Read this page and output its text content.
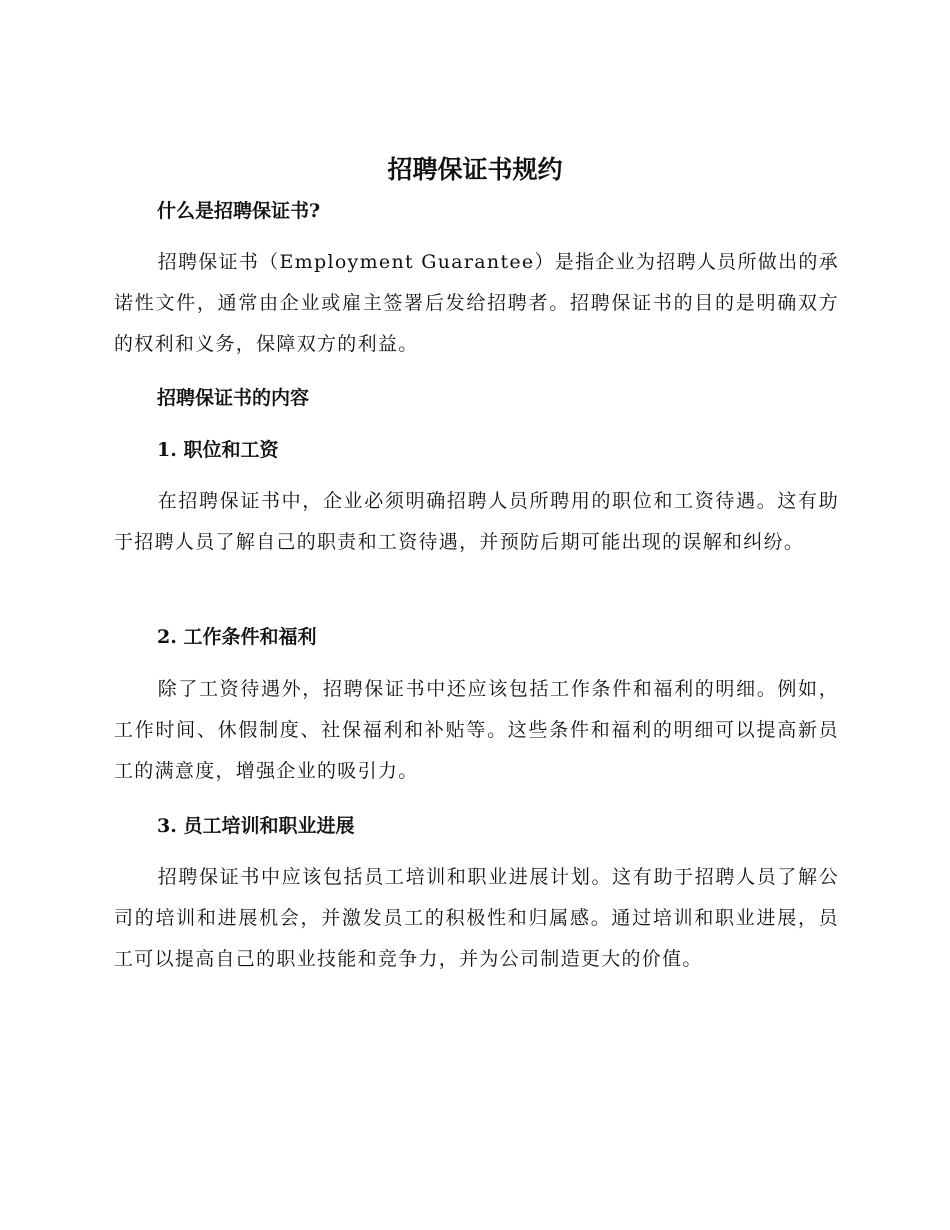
招聘保证书规约
什么是招聘保证书?

招聘保证书（Employment Guarantee）是指企业为招聘人员所做出的承诺性文件，通常由企业或雇主签署后发给招聘者。招聘保证书的目的是明确双方的权利和义务，保障双方的利益。

招聘保证书的内容
1. 职位和工资

在招聘保证书中，企业必须明确招聘人员所聘用的职位和工资待遇。这有助于招聘人员了解自己的职责和工资待遇，并预防后期可能出现的误解和纠纷。

2. 工作条件和福利

除了工资待遇外，招聘保证书中还应该包括工作条件和福利的明细。例如，工作时间、休假制度、社保福利和补贴等。这些条件和福利的明细可以提高新员工的满意度，增强企业的吸引力。

3. 员工培训和职业进展

招聘保证书中应该包括员工培训和职业进展计划。这有助于招聘人员了解公司的培训和进展机会，并激发员工的积极性和归属感。通过培训和职业进展，员工可以提高自己的职业技能和竞争力，并为公司制造更大的价值。
